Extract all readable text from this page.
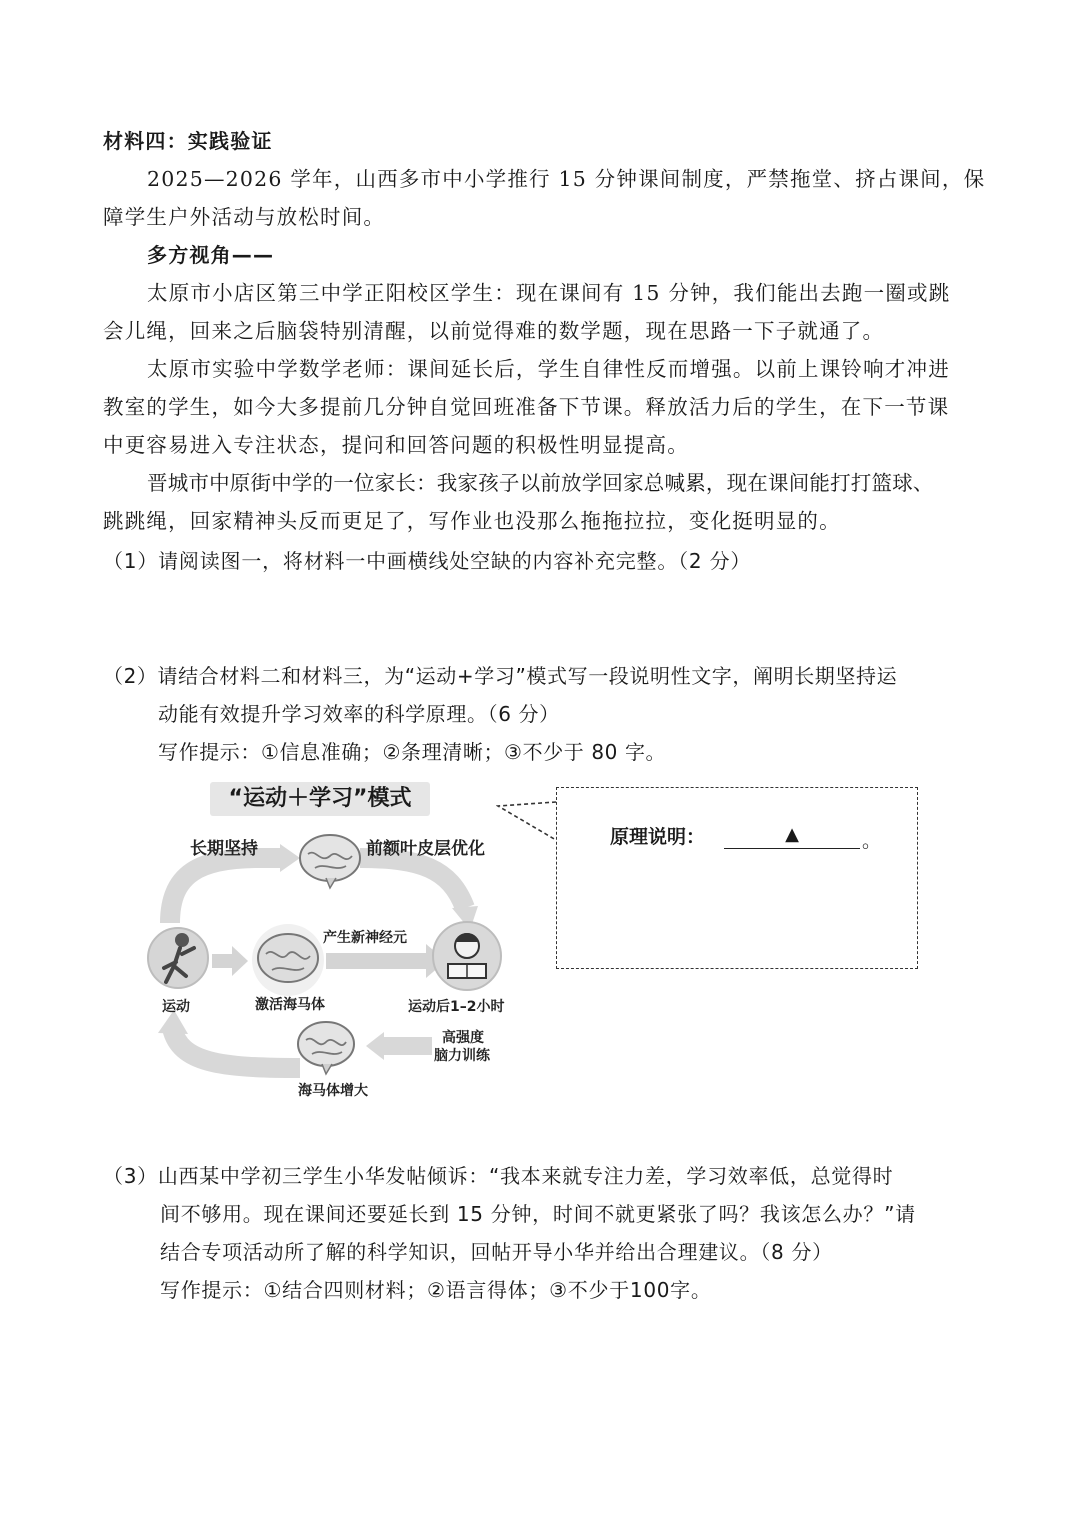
材料四：实践验证
2025—2026 学年，山西多市中小学推行 15 分钟课间制度，严禁拖堂、挤占课间，保
障学生户外活动与放松时间。
多方视角——
太原市小店区第三中学正阳校区学生：现在课间有 15 分钟，我们能出去跑一圈或跳
会儿绳，回来之后脑袋特别清醒，以前觉得难的数学题，现在思路一下子就通了。
太原市实验中学数学老师：课间延长后，学生自律性反而增强。以前上课铃响才冲进
教室的学生，如今大多提前几分钟自觉回班准备下节课。释放活力后的学生，在下一节课
中更容易进入专注状态，提问和回答问题的积极性明显提高。
晋城市中原街中学的一位家长：我家孩子以前放学回家总喊累，现在课间能打打篮球、
跳跳绳，回家精神头反而更足了，写作业也没那么拖拖拉拉，变化挺明显的。
（1）请阅读图一，将材料一中画横线处空缺的内容补充完整。（2 分）
（2）请结合材料二和材料三，为“运动+学习”模式写一段说明性文字，阐明长期坚持运
动能有效提升学习效率的科学原理。（6 分）
写作提示：①信息准确；②条理清晰；③不少于 80 字。
“运动＋学习”模式
长期坚持	前额叶皮层优化
产生新神经元
运动	激活海马体	运动后1–2小时
高强度
脑力训练
海马体增大
原理说明：	▲	。
（3）山西某中学初三学生小华发帖倾诉：“我本来就专注力差，学习效率低，总觉得时
间不够用。现在课间还要延长到 15 分钟，时间不就更紧张了吗？我该怎么办？”请
结合专项活动所了解的科学知识，回帖开导小华并给出合理建议。（8 分）
写作提示：①结合四则材料；②语言得体；③不少于100字。
